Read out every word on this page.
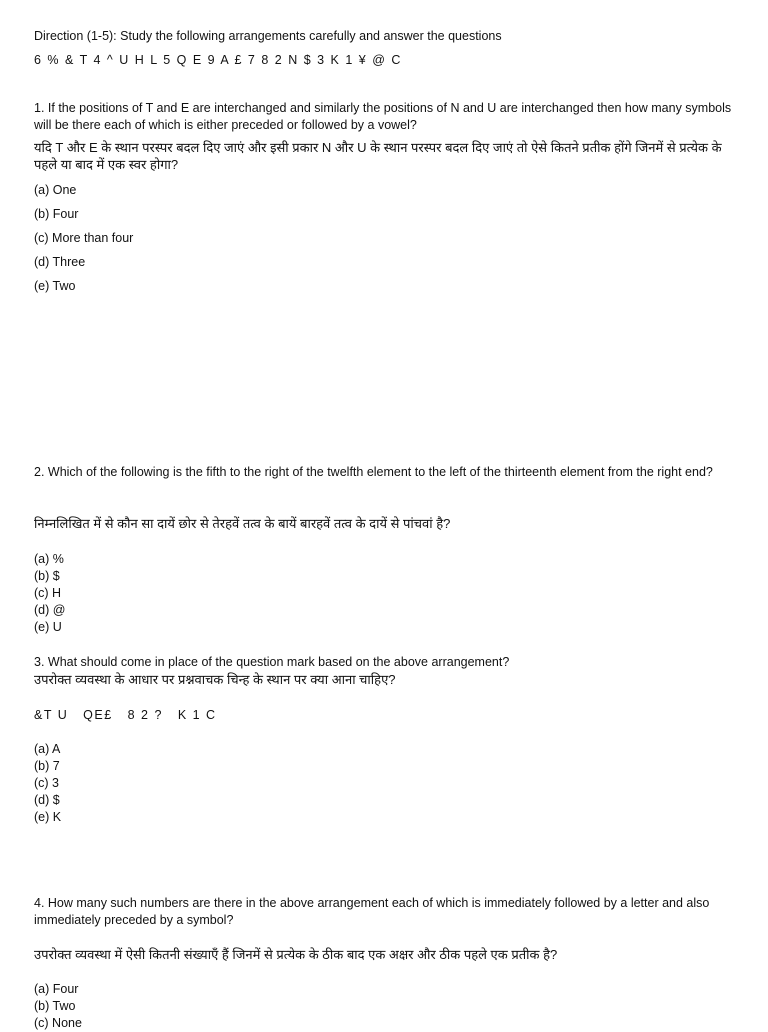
Direction (1-5): Study the following arrangements carefully and answer the questions
6 % & T 4 ^ U H L 5 Q E 9 A £ 7 8 2 N $ 3 K 1 ¥ @ C
1. If the positions of T and E are interchanged and similarly the positions of N and U are interchanged then how many symbols will be there each of which is either preceded or followed by a vowel?
यदि T और E के स्थान परस्पर बदल दिए जाएं और इसी प्रकार N और U के स्थान परस्पर बदल दिए जाएं तो ऐसे कितने प्रतीक होंगे जिनमें से प्रत्येक के पहले या बाद में एक स्वर होगा?
(a) One
(b) Four
(c) More than four
(d) Three
(e) Two
2. Which of the following is the fifth to the right of the twelfth element to the left of the thirteenth element from the right end?
निम्नलिखित में से कौन सा दायें छोर से तेरहवें तत्व के बायें बारहवें तत्व के दायें से पांचवां है?
(a) %
(b) $
(c) H
(d) @
(e) U
3. What should come in place of the question mark based on the above arrangement?
उपरोक्त व्यवस्था के आधार पर प्रश्नवाचक चिन्ह के स्थान पर क्या आना चाहिए?
&T U   QE£   8 2 ?   K 1 C
(a) A
(b) 7
(c) 3
(d) $
(e) K
4. How many such numbers are there in the above arrangement each of which is immediately followed by a letter and also immediately preceded by a symbol?
उपरोक्त व्यवस्था में ऐसी कितनी संख्याएँ हैं जिनमें से प्रत्येक के ठीक बाद एक अक्षर और ठीक पहले एक प्रतीक है?
(a) Four
(b) Two
(c) None
